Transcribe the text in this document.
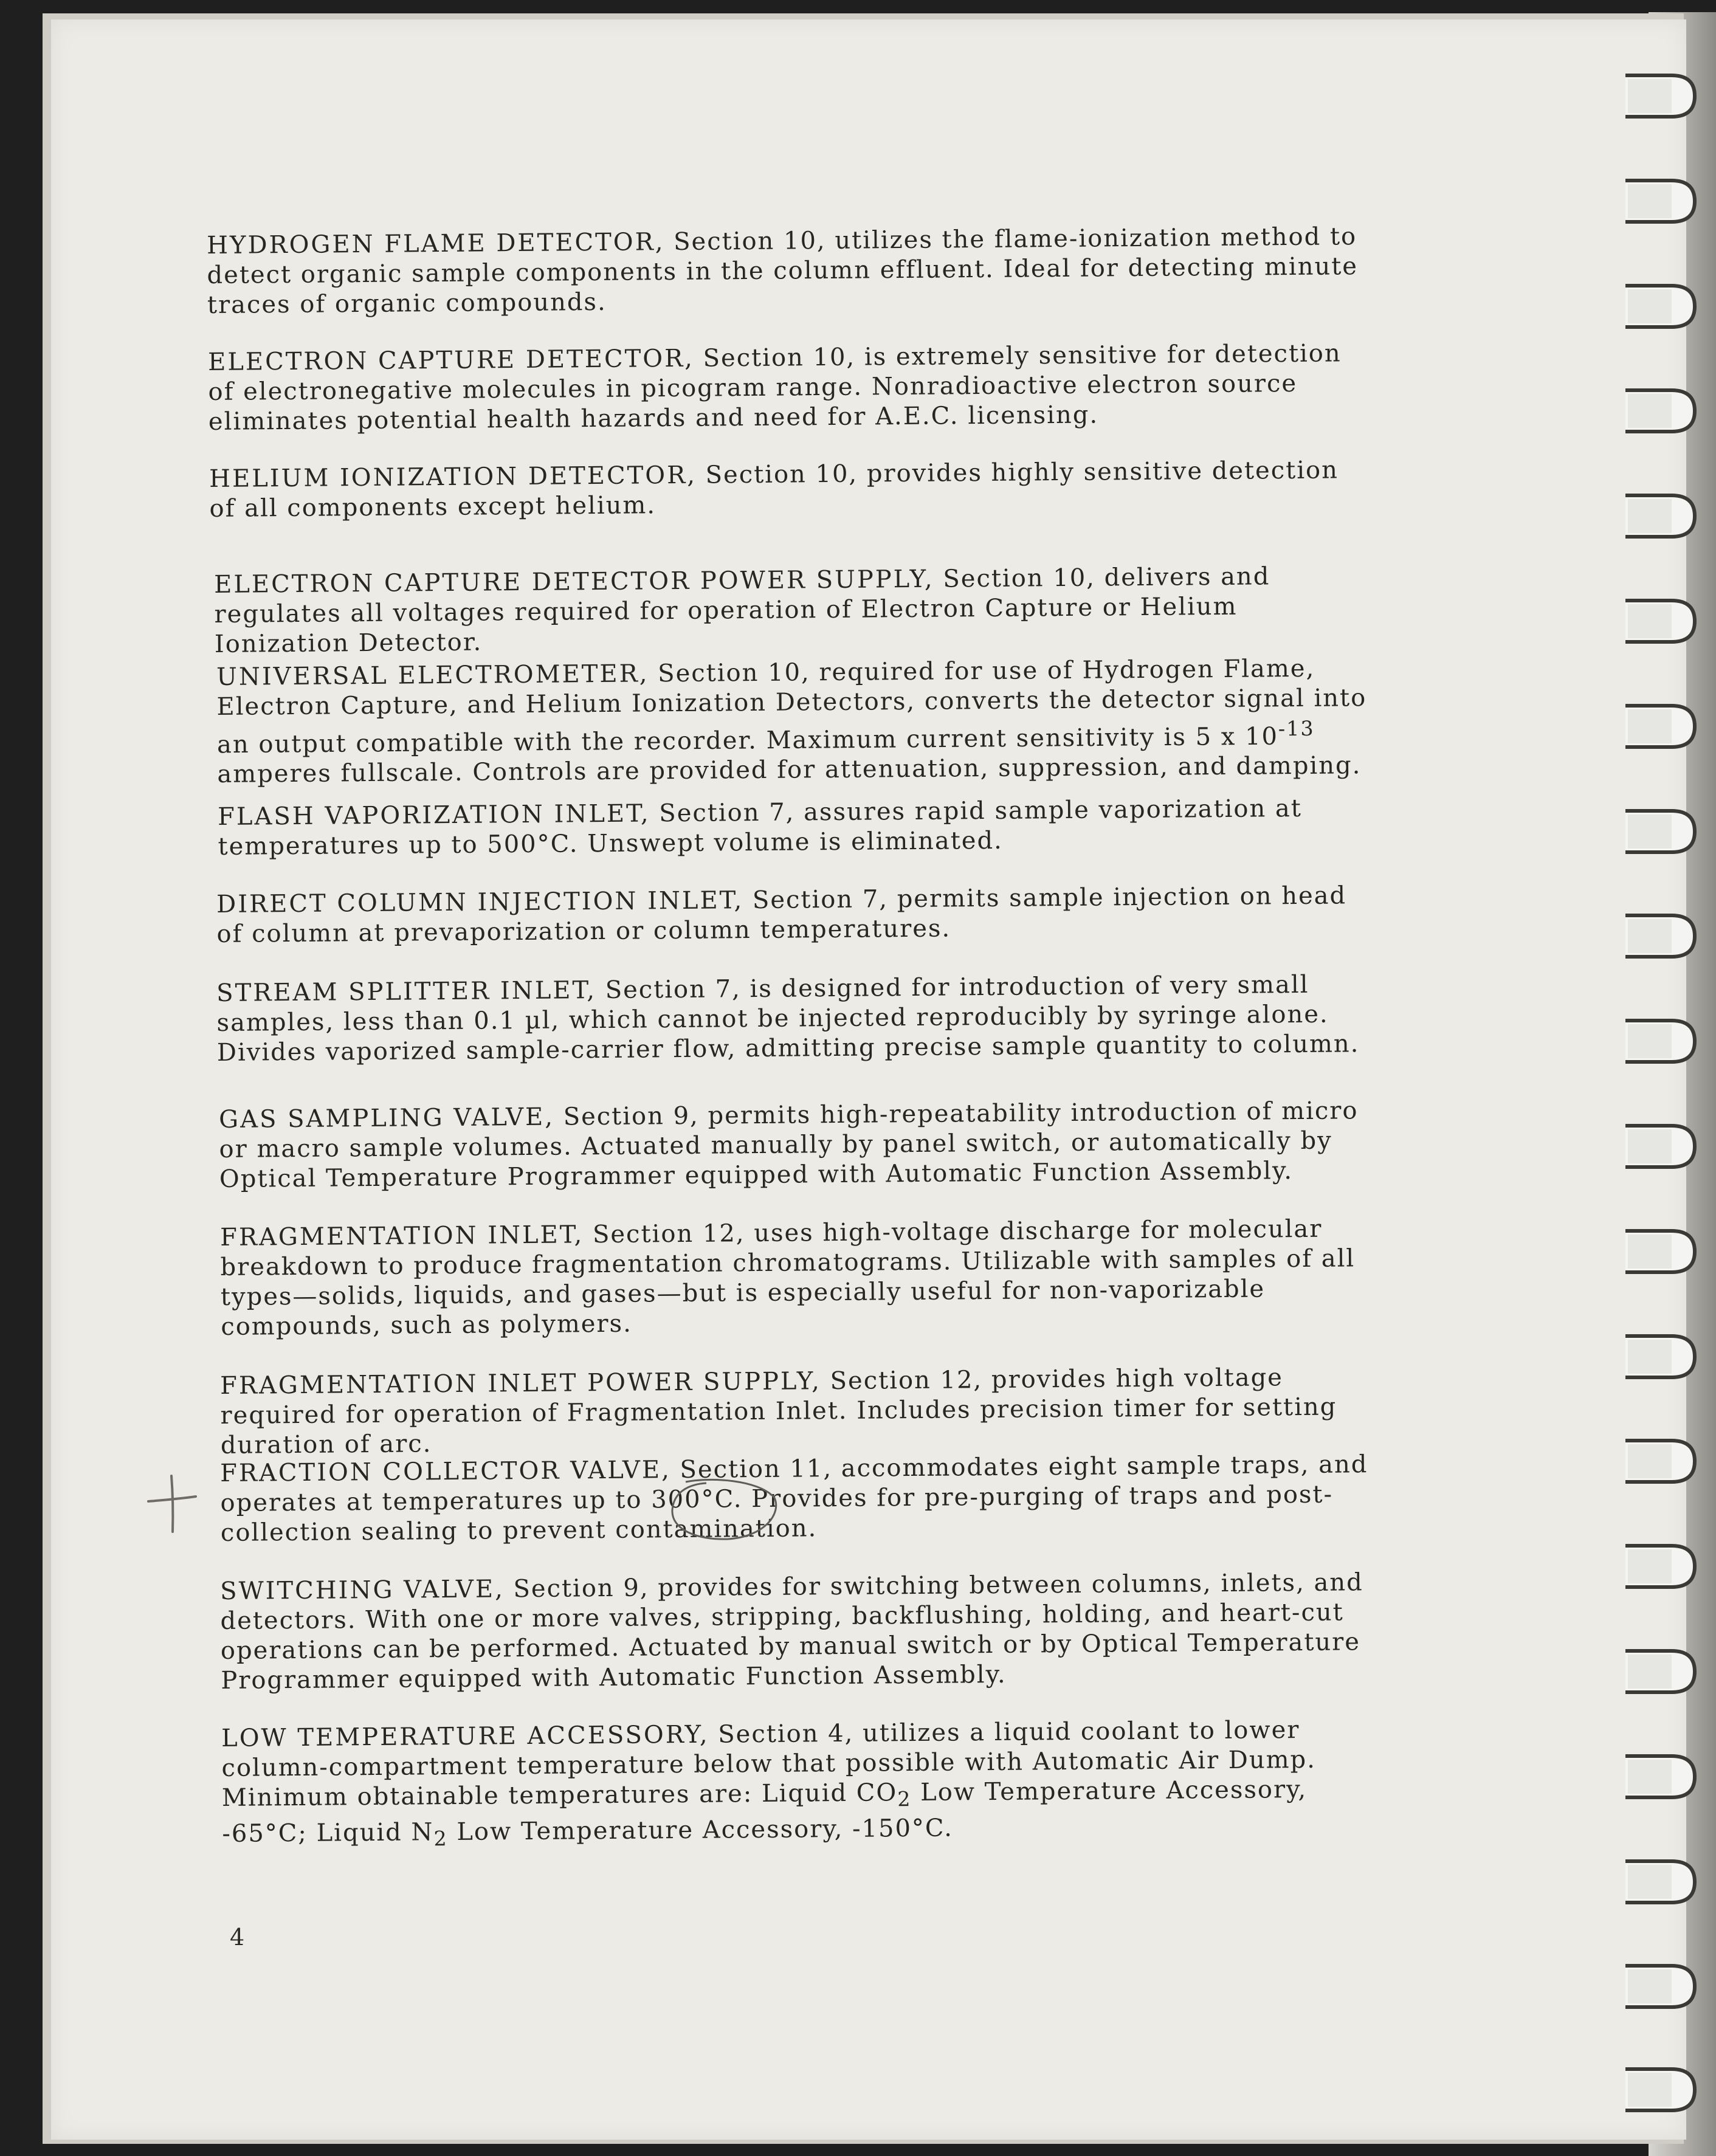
HYDROGEN FLAME DETECTOR, Section 10, utilizes the flame-ionization method to detect organic sample components in the column effluent. Ideal for detecting minute traces of organic compounds.

ELECTRON CAPTURE DETECTOR, Section 10, is extremely sensitive for detection of electronegative molecules in picogram range. Nonradioactive electron source eliminates potential health hazards and need for A.E.C. licensing.

HELIUM IONIZATION DETECTOR, Section 10, provides highly sensitive detection of all components except helium.

ELECTRON CAPTURE DETECTOR POWER SUPPLY, Section 10, delivers and regulates all voltages required for operation of Electron Capture or Helium Ionization Detector.

UNIVERSAL ELECTROMETER, Section 10, required for use of Hydrogen Flame, Electron Capture, and Helium Ionization Detectors, converts the detector signal into an output compatible with the recorder. Maximum current sensitivity is 5 x $10^{-13}$ amperes fullscale. Controls are provided for attenuation, suppression, and damping.

FLASH VAPORIZATION INLET, Section 7, assures rapid sample vaporization at temperatures up to 500°C. Unswept volume is eliminated.

DIRECT COLUMN INJECTION INLET, Section 7, permits sample injection on head of column at prevaporization or column temperatures.

STREAM SPLITTER INLET, Section 7, is designed for introduction of very small samples, less than 0.1 µl, which cannot be injected reproducibly by syringe alone. Divides vaporized sample-carrier flow, admitting precise sample quantity to column.

GAS SAMPLING VALVE, Section 9, permits high-repeatability introduction of micro or macro sample volumes. Actuated manually by panel switch, or automatically by Optical Temperature Programmer equipped with Automatic Function Assembly.

FRAGMENTATION INLET, Section 12, uses high-voltage discharge for molecular breakdown to produce fragmentation chromatograms. Utilizable with samples of all types—solids, liquids, and gases—but is especially useful for non-vaporizable compounds, such as polymers.

FRAGMENTATION INLET POWER SUPPLY, Section 12, provides high voltage required for operation of Fragmentation Inlet. Includes precision timer for setting duration of arc.

FRACTION COLLECTOR VALVE, Section 11, accommodates eight sample traps, and operates at temperatures up to 300°C. Provides for pre-purging of traps and post-collection sealing to prevent contamination.

SWITCHING VALVE, Section 9, provides for switching between columns, inlets, and detectors. With one or more valves, stripping, backflushing, holding, and heart-cut operations can be performed. Actuated by manual switch or by Optical Temperature Programmer equipped with Automatic Function Assembly.

LOW TEMPERATURE ACCESSORY, Section 4, utilizes a liquid coolant to lower column-compartment temperature below that possible with Automatic Air Dump. Minimum obtainable temperatures are: Liquid $CO_2$ Low Temperature Accessory, -65°C; Liquid $N_2$ Low Temperature Accessory, -150°C.

4
